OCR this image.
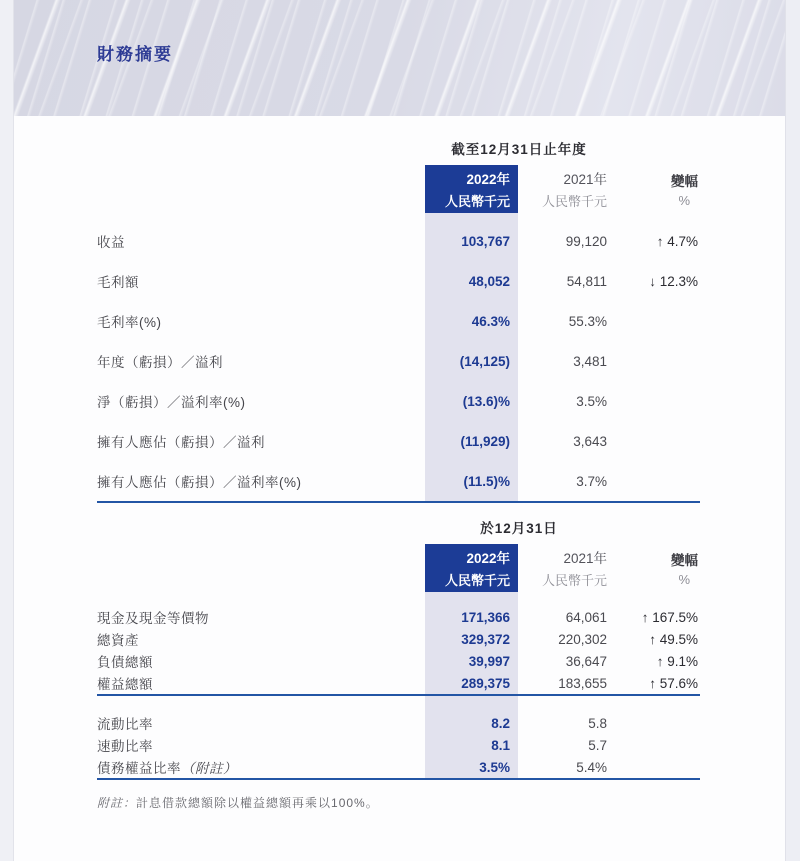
財務摘要
截至12月31日止年度
2022年
人民幣千元
2021年
人民幣千元
變幅
%
收益	103,767	99,120	↑ 4.7%
毛利額	48,052	54,811	↓ 12.3%
毛利率(%)	46.3%	55.3%
年度（虧損）／溢利	(14,125)	3,481
淨（虧損）／溢利率(%)	(13.6)%	3.5%
擁有人應佔（虧損）／溢利	(11,929)	3,643
擁有人應佔（虧損）／溢利率(%)	(11.5)%	3.7%
於12月31日
2022年
人民幣千元
2021年
人民幣千元
變幅
%
現金及現金等價物	171,366	64,061	↑ 167.5%
總資產	329,372	220,302	↑ 49.5%
負債總額	39,997	36,647	↑ 9.1%
權益總額	289,375	183,655	↑ 57.6%
流動比率	8.2	5.8
速動比率	8.1	5.7
債務權益比率（附註）	3.5%	5.4%

附註：計息借款總額除以權益總額再乘以100%。
